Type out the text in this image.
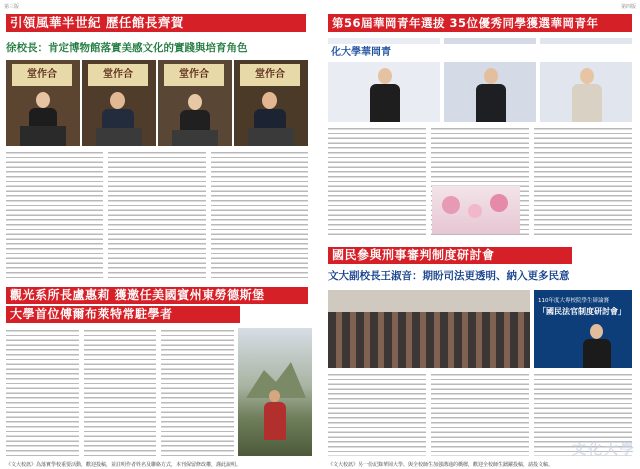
第三版
引領風華半世紀 歷任館長齊賀
徐校長：肯定博物館落實美感文化的實踐與培育角色
堂作合	堂作合	堂作合	堂作合
觀光系所長盧惠莉 獲邀任美國賓州東勞德斯堡
大學首位傅爾布萊特常駐學者
《文大校訊》為落實學校重要活動，歡迎投稿，並註明作者姓名及聯絡方式，本刊保留修改權，謹此說明。
第四版
第56屆華岡青年選拔 35位優秀同學獲選華岡青年
化大學華岡青
國民參與刑事審判制度研討會
文大副校長王淑音：期盼司法更透明、納入更多民意
110年度大專校院學生辯論賽
「國民法官制度研討會」
文化大學
《文大校訊》另一份記錄華岡大學、與全校師生加強溝通的橋樑，歡迎全校師生踴躍投稿，請投文稿。
